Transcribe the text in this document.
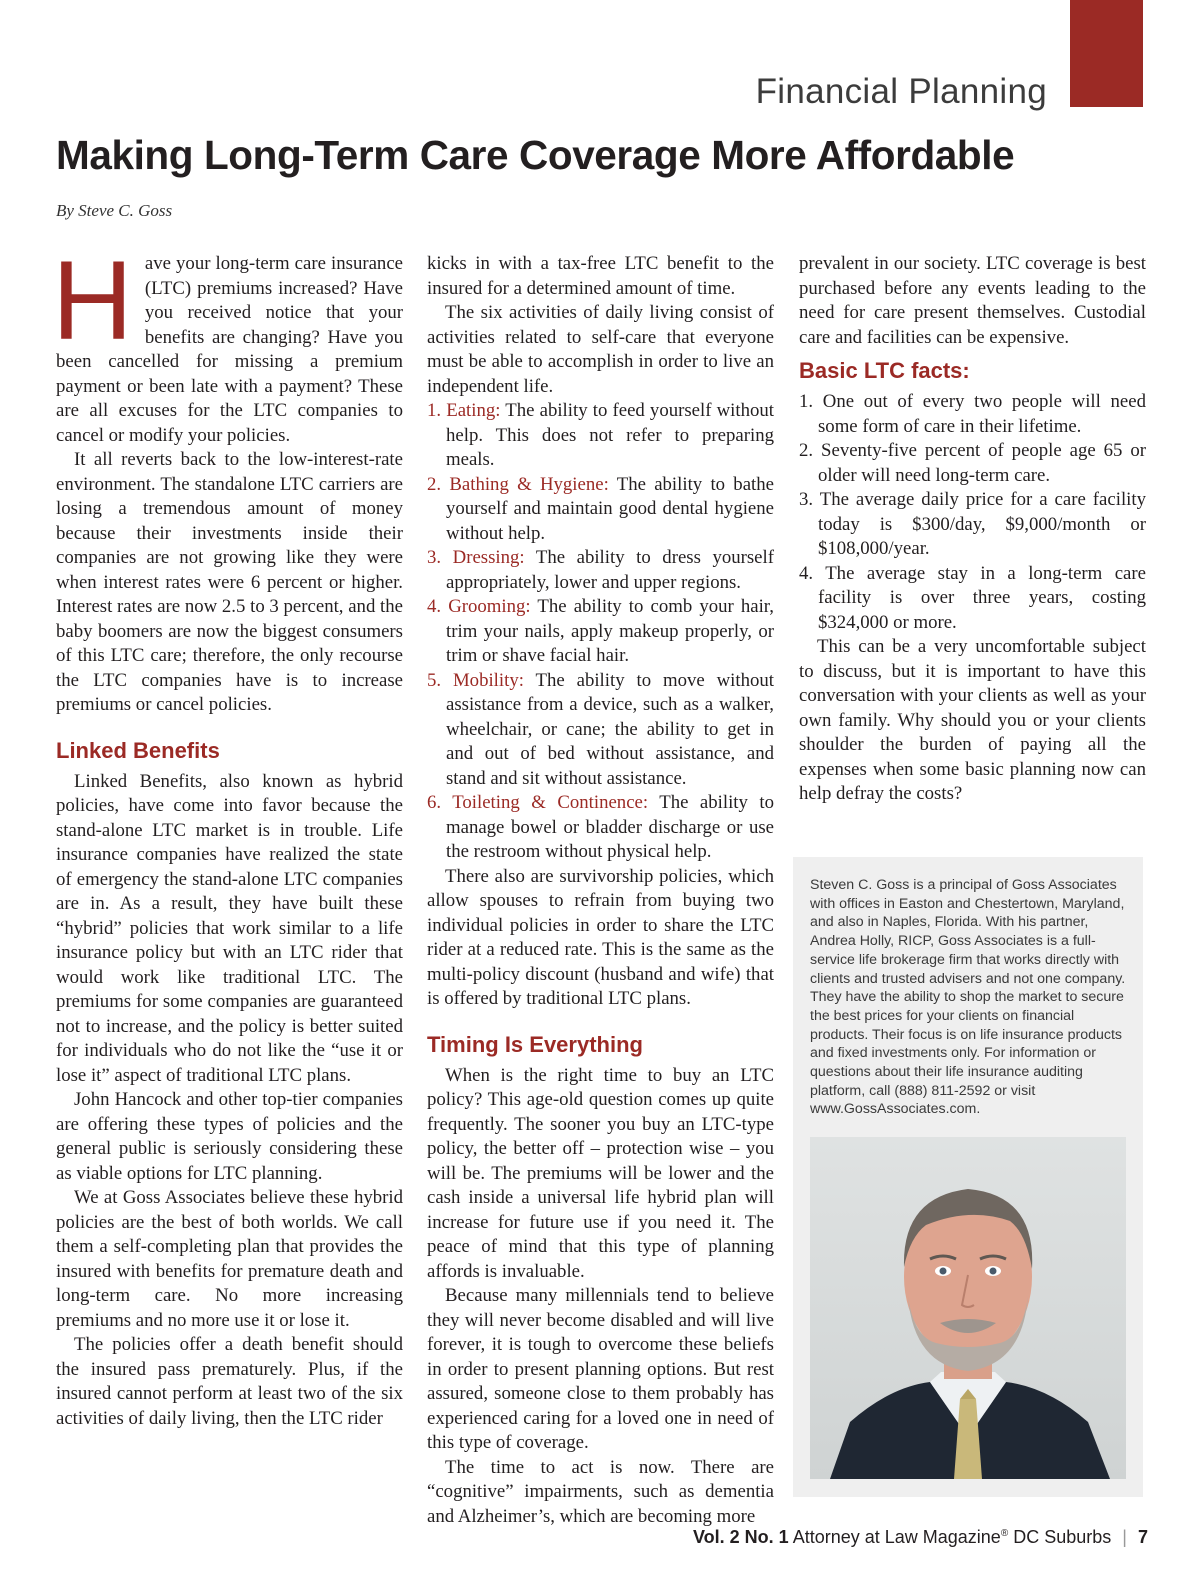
Financial Planning
Making Long-Term Care Coverage More Affordable
By Steve C. Goss

Have your long-term care insurance (LTC) premiums increased? Have you received notice that your benefits are changing? Have you been cancelled for missing a premium payment or been late with a payment? These are all excuses for the LTC companies to cancel or modify your policies.

It all reverts back to the low-interest-rate environment. The standalone LTC carriers are losing a tremendous amount of money because their investments inside their companies are not growing like they were when interest rates were 6 percent or higher. Interest rates are now 2.5 to 3 percent, and the baby boomers are now the biggest consumers of this LTC care; therefore, the only recourse the LTC companies have is to increase premiums or cancel policies.

Linked Benefits

Linked Benefits, also known as hybrid policies, have come into favor because the stand-alone LTC market is in trouble. Life insurance companies have realized the state of emergency the stand-alone LTC companies are in. As a result, they have built these “hybrid” policies that work similar to a life insurance policy but with an LTC rider that would work like traditional LTC. The premiums for some companies are guaranteed not to increase, and the policy is better suited for individuals who do not like the “use it or lose it” aspect of traditional LTC plans.

John Hancock and other top-tier companies are offering these types of policies and the general public is seriously considering these as viable options for LTC planning.

We at Goss Associates believe these hybrid policies are the best of both worlds. We call them a self-completing plan that provides the insured with benefits for premature death and long-term care. No more increasing premiums and no more use it or lose it.

The policies offer a death benefit should the insured pass prematurely. Plus, if the insured cannot perform at least two of the six activities of daily living, then the LTC rider

kicks in with a tax-free LTC benefit to the insured for a determined amount of time.

The six activities of daily living consist of activities related to self-care that everyone must be able to accomplish in order to live an independent life.

1. Eating: The ability to feed yourself without help. This does not refer to preparing meals.
2. Bathing & Hygiene: The ability to bathe yourself and maintain good dental hygiene without help.
3. Dressing: The ability to dress yourself appropriately, lower and upper regions.
4. Grooming: The ability to comb your hair, trim your nails, apply makeup properly, or trim or shave facial hair.
5. Mobility: The ability to move without assistance from a device, such as a walker, wheelchair, or cane; the ability to get in and out of bed without assistance, and stand and sit without assistance.
6. Toileting & Continence: The ability to manage bowel or bladder discharge or use the restroom without physical help.

There also are survivorship policies, which allow spouses to refrain from buying two individual policies in order to share the LTC rider at a reduced rate. This is the same as the multi-policy discount (husband and wife) that is offered by traditional LTC plans.

Timing Is Everything

When is the right time to buy an LTC policy? This age-old question comes up quite frequently. The sooner you buy an LTC-type policy, the better off – protection wise – you will be. The premiums will be lower and the cash inside a universal life hybrid plan will increase for future use if you need it. The peace of mind that this type of planning affords is invaluable.

Because many millennials tend to believe they will never become disabled and will live forever, it is tough to overcome these beliefs in order to present planning options. But rest assured, someone close to them probably has experienced caring for a loved one in need of this type of coverage.

The time to act is now. There are “cognitive” impairments, such as dementia and Alzheimer’s, which are becoming more

prevalent in our society. LTC coverage is best purchased before any events leading to the need for care present themselves. Custodial care and facilities can be expensive.

Basic LTC facts:
1. One out of every two people will need some form of care in their lifetime.
2. Seventy-five percent of people age 65 or older will need long-term care.
3. The average daily price for a care facility today is $300/day, $9,000/month or $108,000/year.
4. The average stay in a long-term care facility is over three years, costing $324,000 or more.

This can be a very uncomfortable subject to discuss, but it is important to have this conversation with your clients as well as your own family. Why should you or your clients shoulder the burden of paying all the expenses when some basic planning now can help defray the costs?

Steven C. Goss is a principal of Goss Associates with offices in Easton and Chestertown, Maryland, and also in Naples, Florida. With his partner, Andrea Holly, RICP, Goss Associates is a full-service life brokerage firm that works directly with clients and trusted advisers and not one company. They have the ability to shop the market to secure the best prices for your clients on financial products. Their focus is on life insurance products and fixed investments only. For information or questions about their life insurance auditing platform, call (888) 811-2592 or visit www.GossAssociates.com.
Vol. 2 No. 1 Attorney at Law Magazine® DC Suburbs | 7
